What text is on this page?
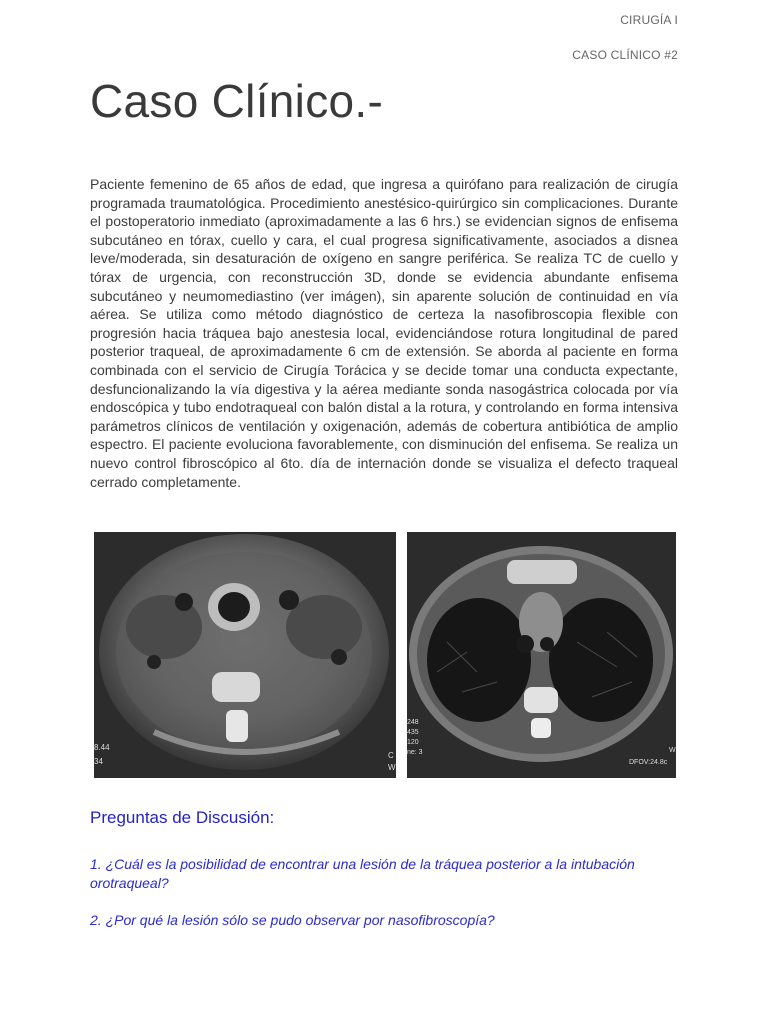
CIRUGÍA I
CASO CLÍNICO #2
Caso Clínico.-

Paciente femenino de 65 años de edad, que ingresa a quirófano para realización de cirugía programada traumatológica. Procedimiento anestésico-quirúrgico sin complicaciones. Durante el postoperatorio inmediato (aproximadamente a las 6 hrs.) se evidencian signos de enfisema subcutáneo en tórax, cuello y cara, el cual progresa significativamente, asociados a disnea leve/moderada, sin desaturación de oxígeno en sangre periférica. Se realiza TC de cuello y tórax de urgencia, con reconstrucción 3D, donde se evidencia abundante enfisema subcutáneo y neumomediastino (ver imágen), sin aparente solución de continuidad en vía aérea. Se utiliza como método diagnóstico de certeza la nasofibroscopia flexible con progresión hacia tráquea bajo anestesia local, evidenciándose rotura longitudinal de pared posterior traqueal, de aproximadamente 6 cm de extensión. Se aborda al paciente en forma combinada con el servicio de Cirugía Torácica y se decide tomar una conducta expectante, desfuncionalizando la vía digestiva y la aérea mediante sonda nasogástrica colocada por vía endoscópica y tubo endotraqueal con balón distal a la rotura, y controlando en forma intensiva parámetros clínicos de ventilación y oxigenación, además de cobertura antibiótica de amplio espectro. El paciente evoluciona favorablemente, con disminución del enfisema. Se realiza un nuevo control fibroscópico al 6to. día de internación donde se visualiza el defecto traqueal cerrado completamente.

8.44
34
C
W
248
435
120
ne: 3
DFOV:24.8c
W
Preguntas de Discusión:

1. ¿Cuál es la posibilidad de encontrar una lesión de la tráquea posterior a la intubación orotraqueal?

2. ¿Por qué la lesión sólo se pudo observar por nasofibroscopía?
